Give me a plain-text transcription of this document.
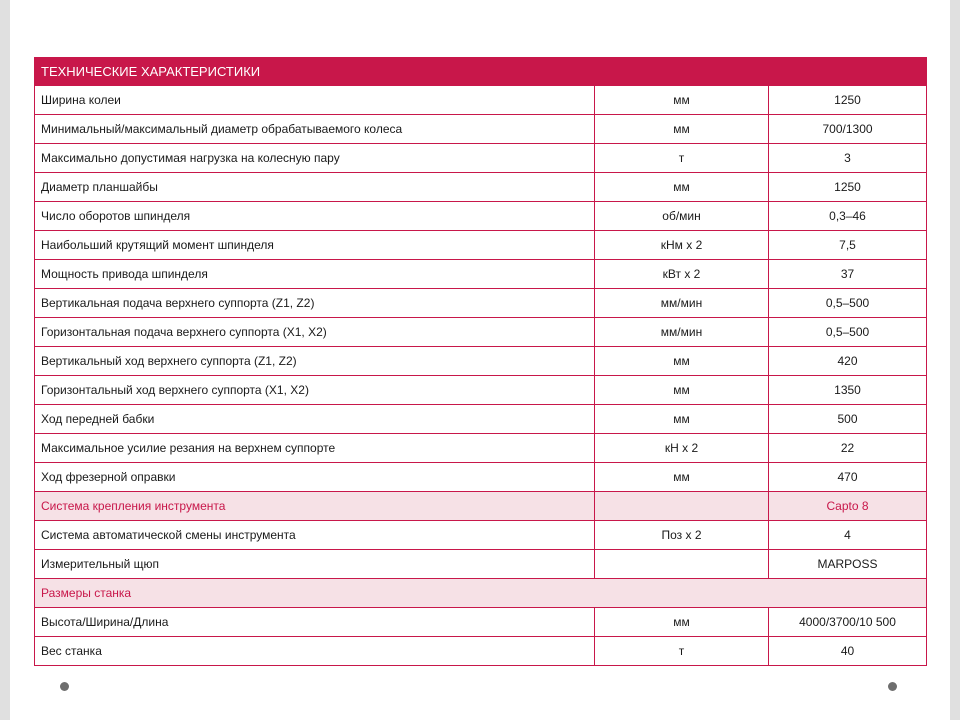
ТЕХНИЧЕСКИЕ ХАРАКТЕРИСТИКИ		
Ширина колеи	мм	1250
Минимальный/максимальный диаметр обрабатываемого колеса	мм	700/1300
Максимально допустимая нагрузка на колесную пару	т	3
Диаметр планшайбы	мм	1250
Число оборотов шпинделя	об/мин	0,3–46
Наибольший крутящий момент шпинделя	кНм х 2	7,5
Мощность привода шпинделя	кВт х 2	37
Вертикальная подача верхнего суппорта (Z1, Z2)	мм/мин	0,5–500
Горизонтальная подача верхнего суппорта (X1, X2)	мм/мин	0,5–500
Вертикальный ход верхнего суппорта (Z1, Z2)	мм	420
Горизонтальный ход верхнего суппорта (X1, X2)	мм	1350
Ход передней бабки	мм	500
Максимальное усилие резания на верхнем суппорте	кН х 2	22
Ход фрезерной оправки	мм	470
Система крепления инструмента		Capto 8
Система автоматической смены инструмента	Поз х 2	4
Измерительный щюп		MARPOSS
Размеры станка		
Высота/Ширина/Длина	мм	4000/3700/10 500
Вес станка	т	40
